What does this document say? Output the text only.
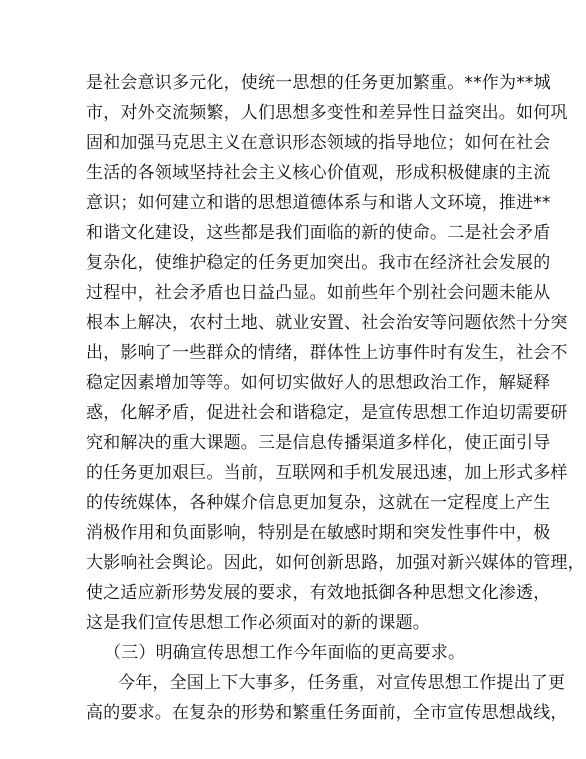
是社会意识多元化，使统一思想的任务更加繁重。**作为**城
市，对外交流频繁，人们思想多变性和差异性日益突出。如何巩
固和加强马克思主义在意识形态领域的指导地位；如何在社会
生活的各领域坚持社会主义核心价值观，形成积极健康的主流
意识；如何建立和谐的思想道德体系与和谐人文环境，推进**
和谐文化建设，这些都是我们面临的新的使命。二是社会矛盾
复杂化，使维护稳定的任务更加突出。我市在经济社会发展的
过程中，社会矛盾也日益凸显。如前些年个别社会问题未能从
根本上解决，农村土地、就业安置、社会治安等问题依然十分突
出，影响了一些群众的情绪，群体性上访事件时有发生，社会不
稳定因素增加等等。如何切实做好人的思想政治工作，解疑释
惑，化解矛盾，促进社会和谐稳定，是宣传思想工作迫切需要研
究和解决的重大课题。三是信息传播渠道多样化，使正面引导
的任务更加艰巨。当前，互联网和手机发展迅速，加上形式多样
的传统媒体，各种媒介信息更加复杂，这就在一定程度上产生
消极作用和负面影响，特别是在敏感时期和突发性事件中，极
大影响社会舆论。因此，如何创新思路，加强对新兴媒体的管理，
使之适应新形势发展的要求，有效地抵御各种思想文化渗透，
这是我们宣传思想工作必须面对的新的课题。
（三）明确宣传思想工作今年面临的更高要求。
今年，全国上下大事多，任务重，对宣传思想工作提出了更
高的要求。在复杂的形势和繁重任务面前，全市宣传思想战线，
